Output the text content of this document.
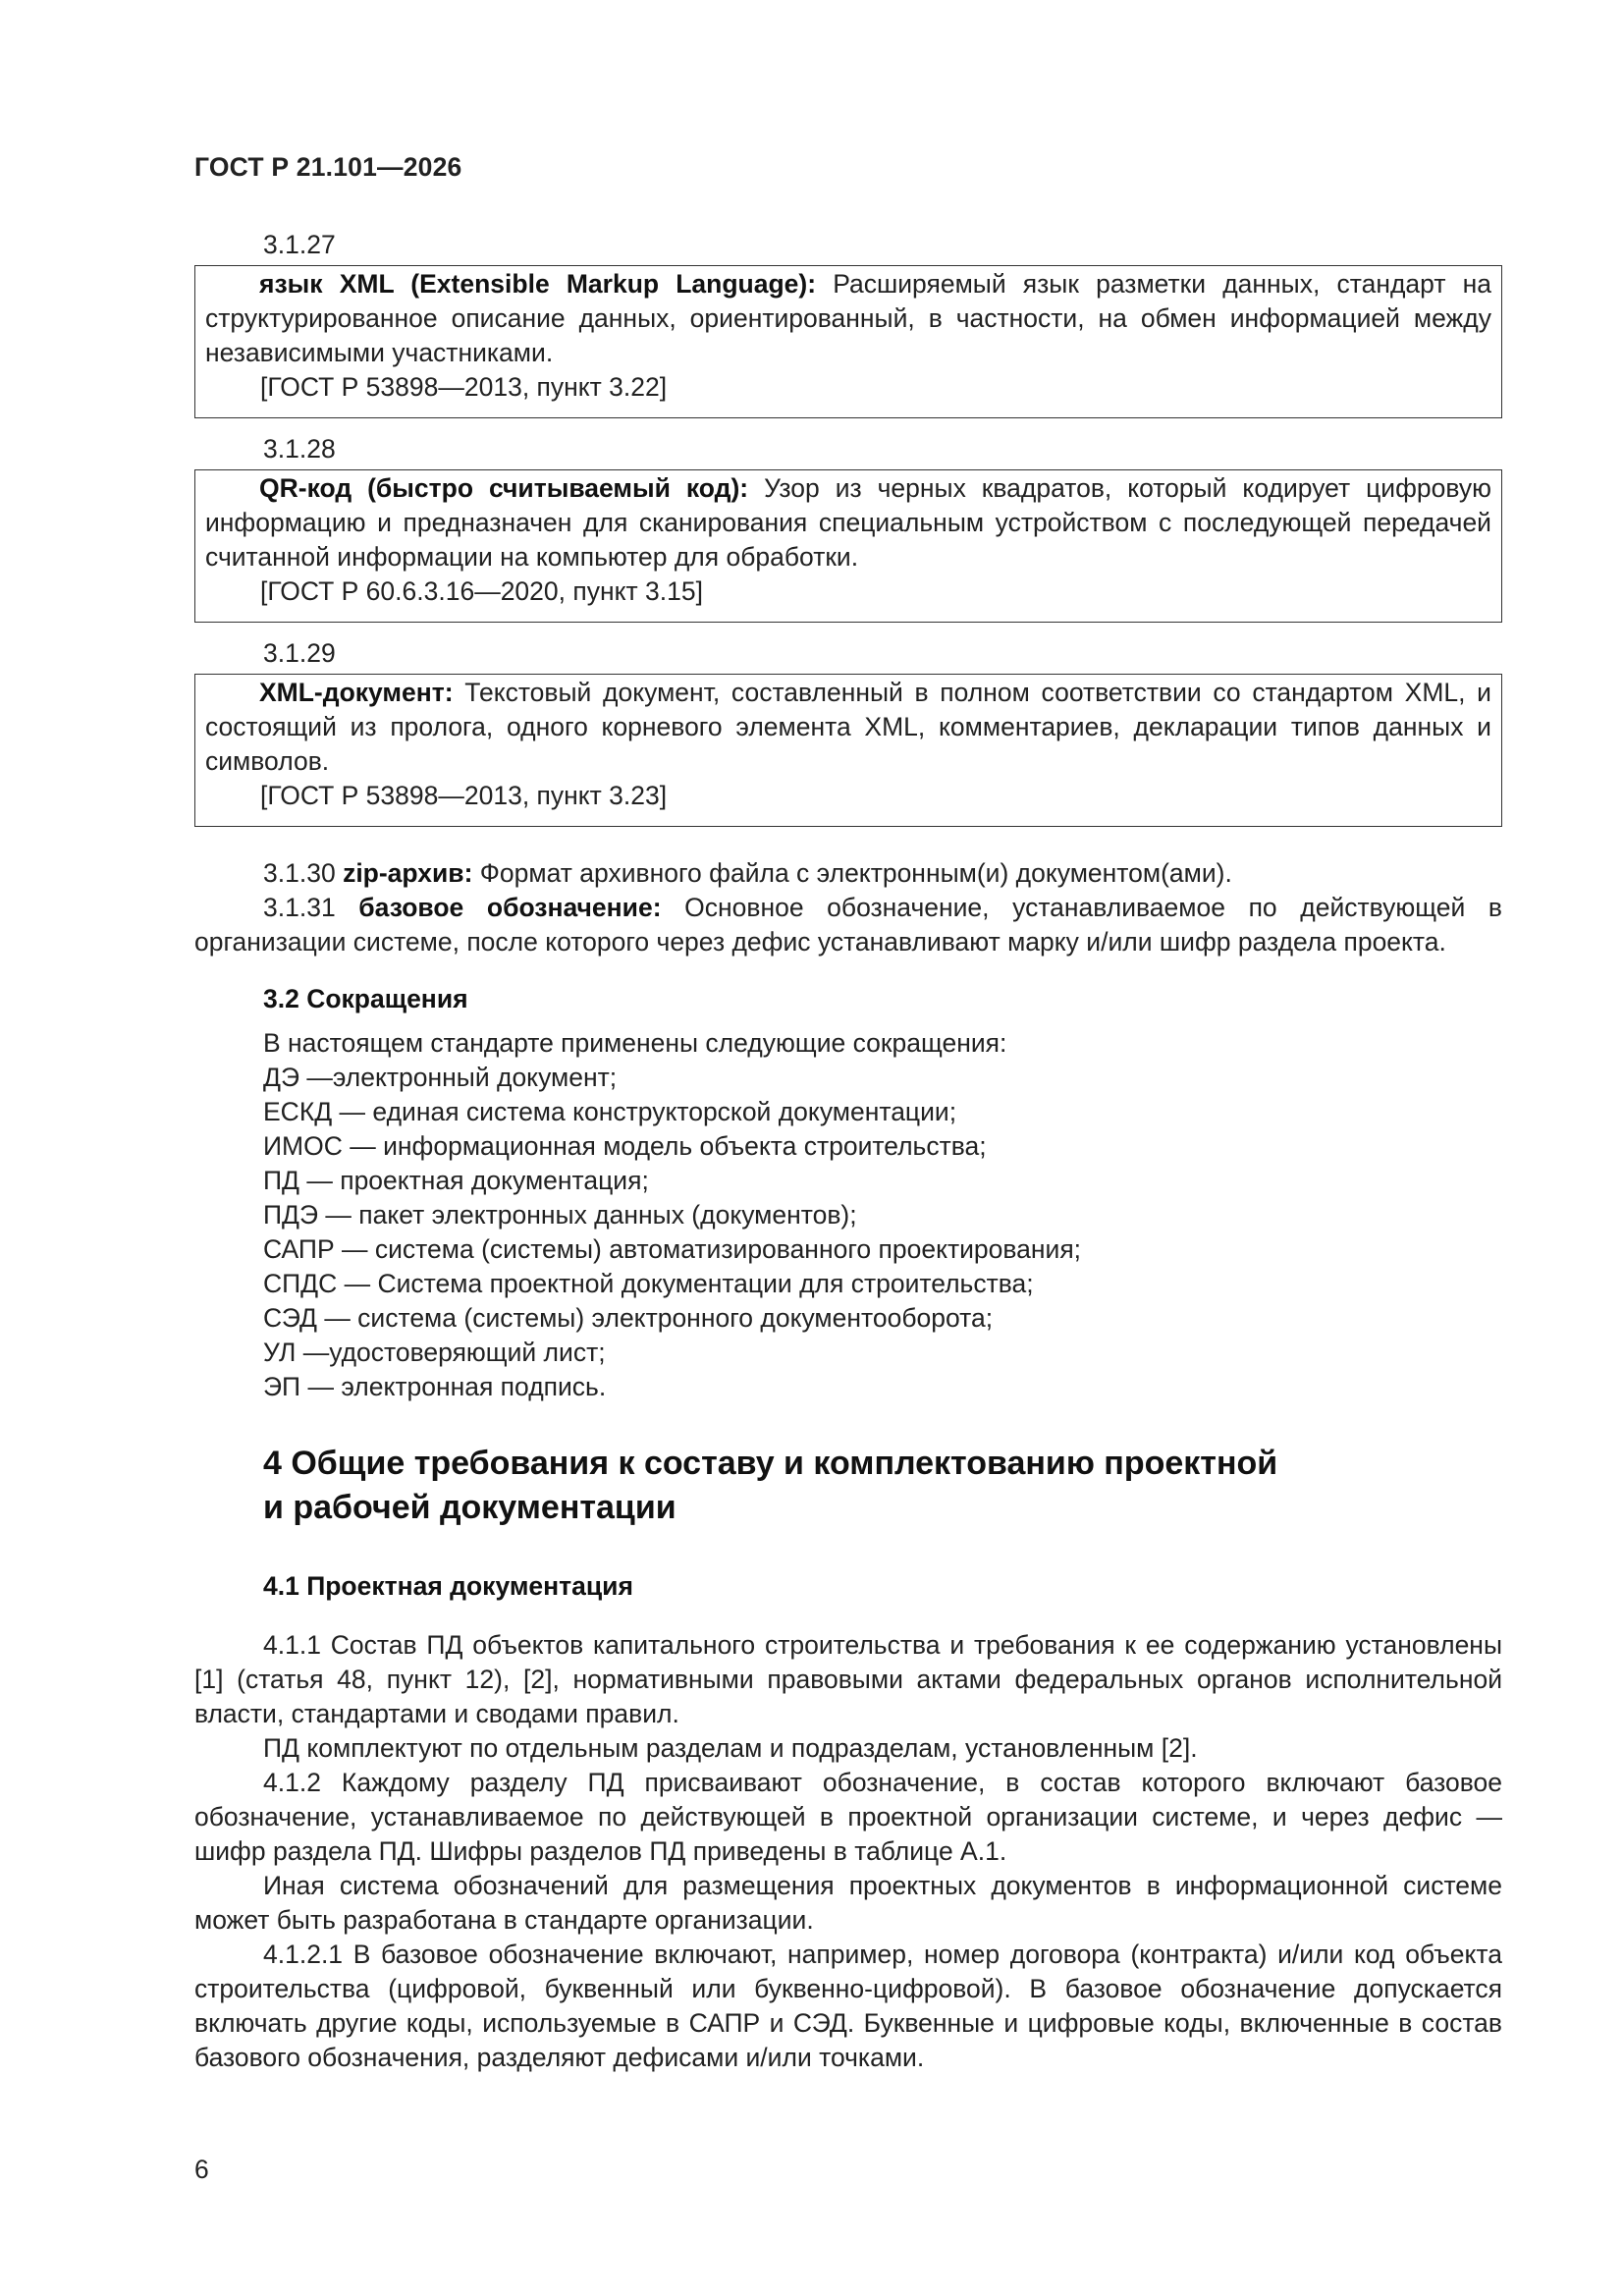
ГОСТ Р 21.101—2026
3.1.27

язык XML (Extensible Markup Language): Расширяемый язык разметки данных, стандарт на структурированное описание данных, ориентированный, в частности, на обмен информацией между независимыми участниками.

[ГОСТ Р 53898—2013, пункт 3.22]

3.1.28

QR-код (быстро считываемый код): Узор из черных квадратов, который кодирует цифровую информацию и предназначен для сканирования специальным устройством с последующей передачей считанной информации на компьютер для обработки.

[ГОСТ Р 60.6.3.16—2020, пункт 3.15]

3.1.29

XML-документ: Текстовый документ, составленный в полном соответствии со стандартом XML, и состоящий из пролога, одного корневого элемента XML, комментариев, декларации типов данных и символов.

[ГОСТ Р 53898—2013, пункт 3.23]

3.1.30 zip-архив: Формат архивного файла с электронным(и) документом(ами).

3.1.31 базовое обозначение: Основное обозначение, устанавливаемое по действующей в организации системе, после которого через дефис устанавливают марку и/или шифр раздела проекта.

3.2 Сокращения
В настоящем стандарте применены следующие сокращения:
ДЭ —электронный документ;
ЕСКД — единая система конструкторской документации;
ИМОС — информационная модель объекта строительства;
ПД — проектная документация;
ПДЭ — пакет электронных данных (документов);
САПР — система (системы) автоматизированного проектирования;
СПДС — Система проектной документации для строительства;
СЭД — система (системы) электронного документооборота;
УЛ —удостоверяющий лист;
ЭП — электронная подпись.
4 Общие требования к составу и комплектованию проектной
и рабочей документации
4.1 Проектная документация

4.1.1 Состав ПД объектов капитального строительства и требования к ее содержанию установлены [1] (статья 48, пункт 12), [2], нормативными правовыми актами федеральных органов исполнительной власти, стандартами и сводами правил.

ПД комплектуют по отдельным разделам и подразделам, установленным [2].

4.1.2 Каждому разделу ПД присваивают обозначение, в состав которого включают базовое обозначение, устанавливаемое по действующей в проектной организации системе, и через дефис — шифр раздела ПД. Шифры разделов ПД приведены в таблице А.1.

Иная система обозначений для размещения проектных документов в информационной системе может быть разработана в стандарте организации.

4.1.2.1 В базовое обозначение включают, например, номер договора (контракта) и/или код объекта строительства (цифровой, буквенный или буквенно-цифровой). В базовое обозначение допускается включать другие коды, используемые в САПР и СЭД. Буквенные и цифровые коды, включенные в состав базового обозначения, разделяют дефисами и/или точками.

6
